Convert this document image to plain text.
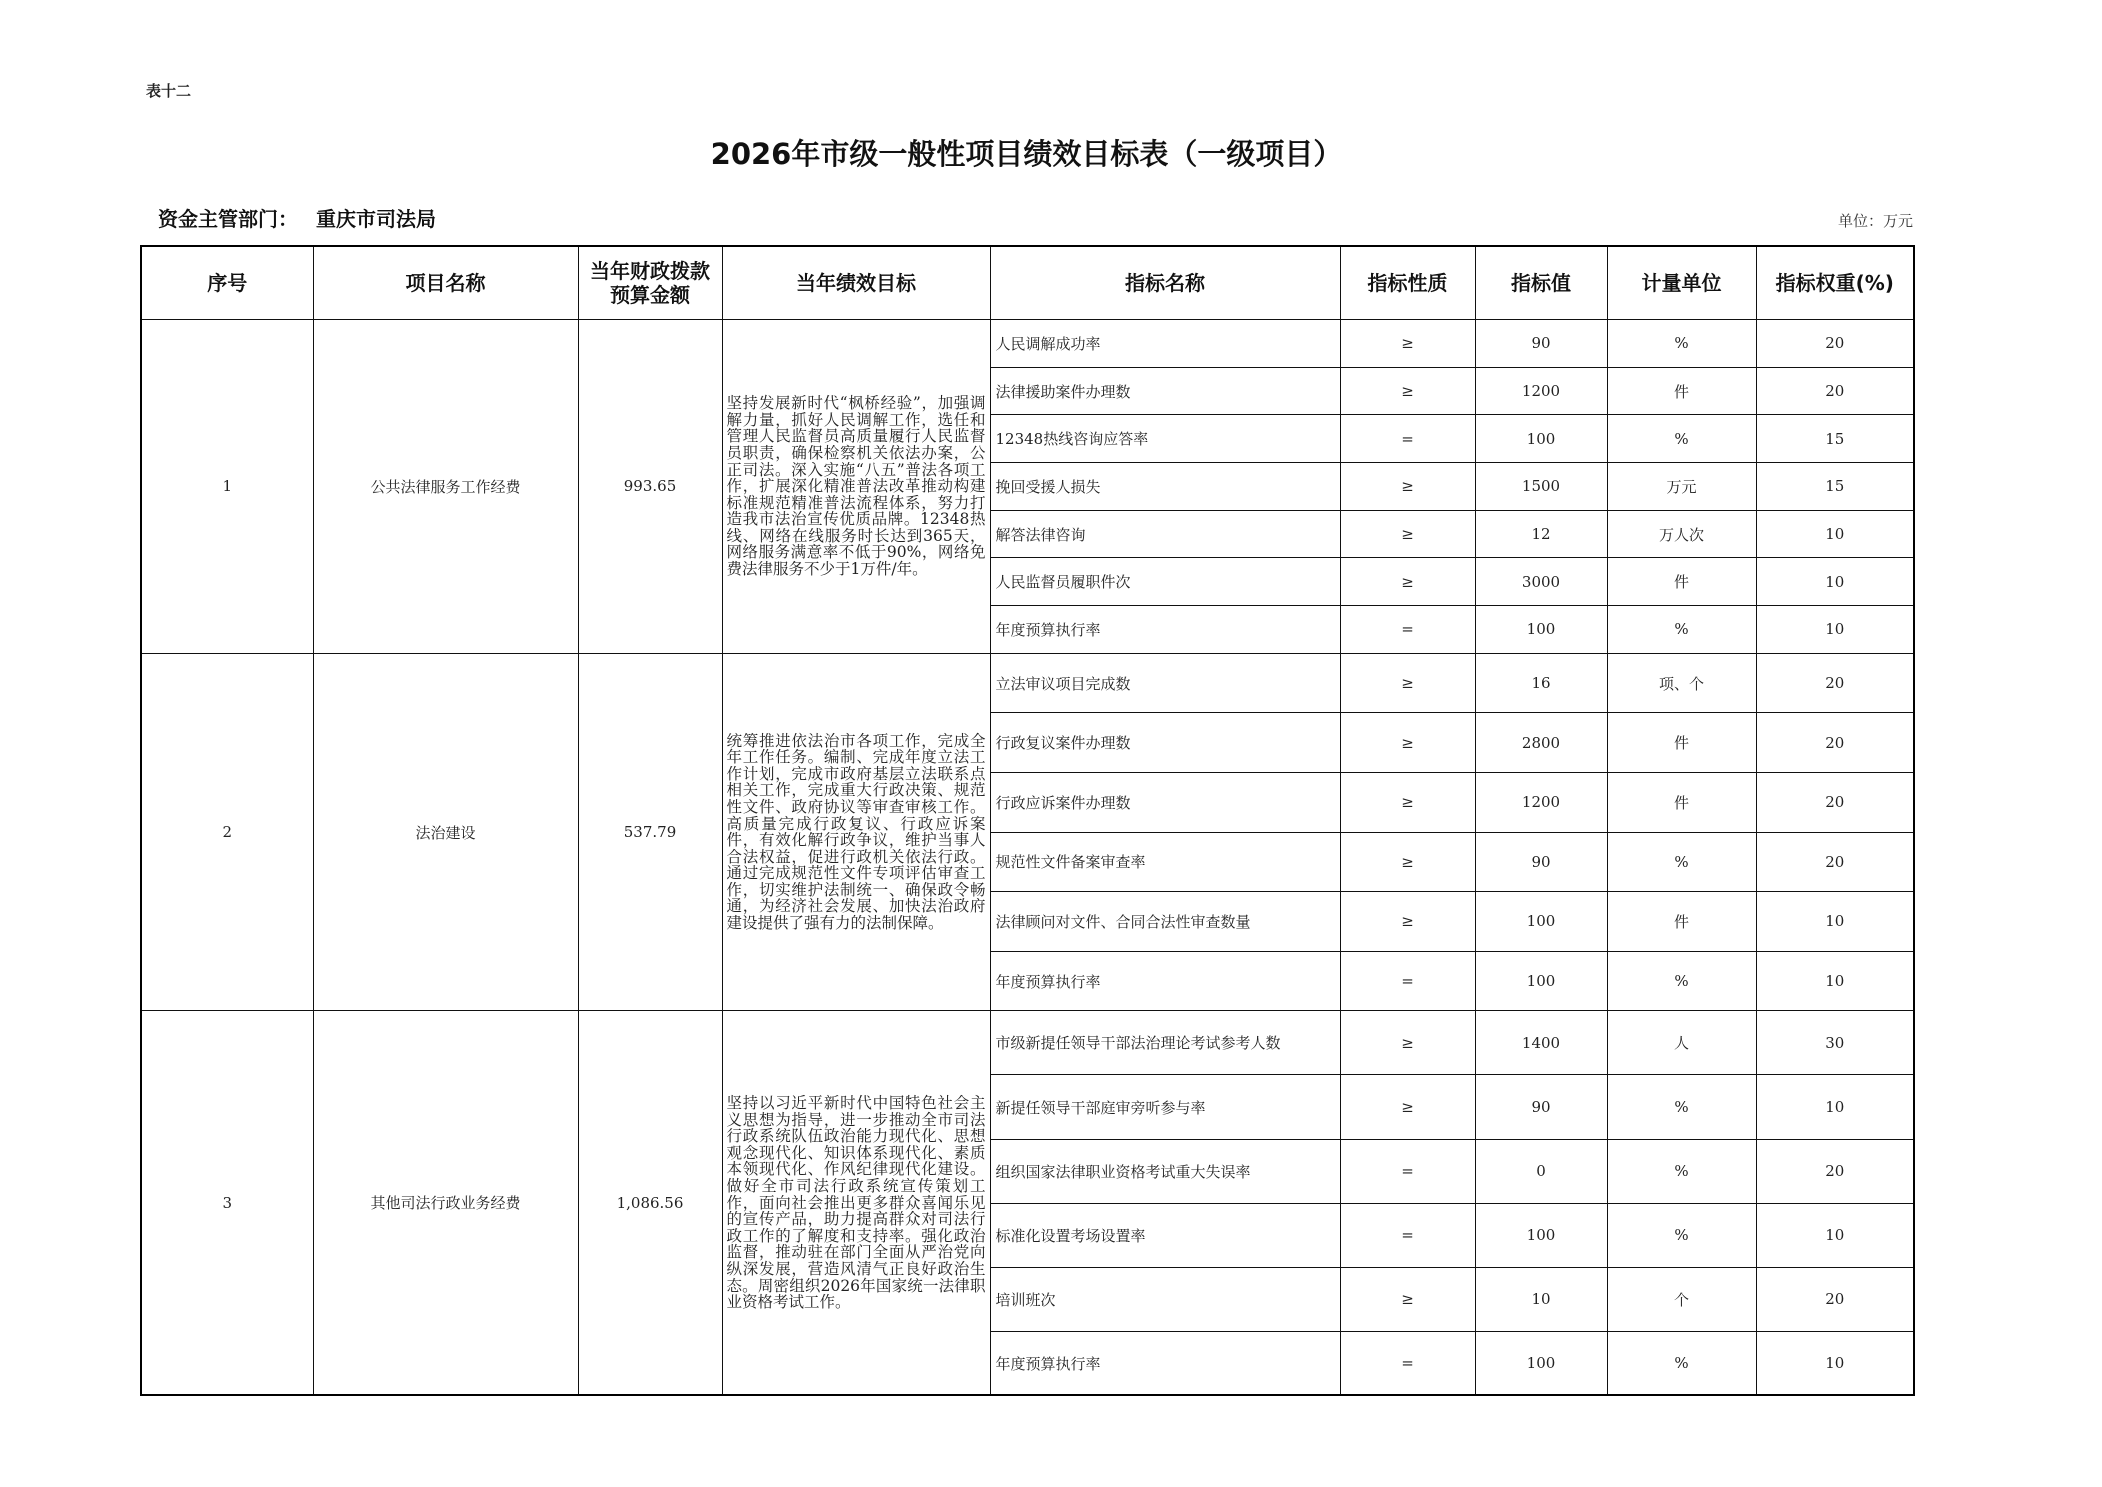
表十二
2026年市级一般性项目绩效目标表（一级项目）
资金主管部门： 重庆市司法局	单位：万元
序号	项目名称	当年财政拨款预算金额	当年绩效目标	指标名称	指标性质	指标值	计量单位	指标权重(%)
1	公共法律服务工作经费	993.65	坚持发展新时代“枫桥经验”，加强调解力量，抓好人民调解工作，选任和管理人民监督员高质量履行人民监督员职责，确保检察机关依法办案，公正司法。深入实施“八五”普法各项工作，扩展深化精准普法改革推动构建标准规范精准普法流程体系，努力打造我市法治宣传优质品牌。12348热线、网络在线服务时长达到365天，网络服务满意率不低于90%，网络免费法律服务不少于1万件/年。	人民调解成功率	≥	90	%	20
				法律援助案件办理数	≥	1200	件	20
				12348热线咨询应答率	=	100	%	15
				挽回受援人损失	≥	1500	万元	15
				解答法律咨询	≥	12	万人次	10
				人民监督员履职件次	≥	3000	件	10
				年度预算执行率	=	100	%	10
2	法治建设	537.79	统筹推进依法治市各项工作，完成全年工作任务。编制、完成年度立法工作计划，完成市政府基层立法联系点相关工作，完成重大行政决策、规范性文件、政府协议等审查审核工作。高质量完成行政复议、行政应诉案件，有效化解行政争议，维护当事人合法权益，促进行政机关依法行政。通过完成规范性文件专项评估审查工作，切实维护法制统一、确保政令畅通，为经济社会发展、加快法治政府建设提供了强有力的法制保障。	立法审议项目完成数	≥	16	项、个	20
				行政复议案件办理数	≥	2800	件	20
				行政应诉案件办理数	≥	1200	件	20
				规范性文件备案审查率	≥	90	%	20
				法律顾问对文件、合同合法性审查数量	≥	100	件	10
				年度预算执行率	=	100	%	10
3	其他司法行政业务经费	1,086.56	坚持以习近平新时代中国特色社会主义思想为指导，进一步推动全市司法行政系统队伍政治能力现代化、思想观念现代化、知识体系现代化、素质本领现代化、作风纪律现代化建设。做好全市司法行政系统宣传策划工作，面向社会推出更多群众喜闻乐见的宣传产品，助力提高群众对司法行政工作的了解度和支持率。强化政治监督，推动驻在部门全面从严治党向纵深发展，营造风清气正良好政治生态。周密组织2026年国家统一法律职业资格考试工作。	市级新提任领导干部法治理论考试参考人数	≥	1400	人	30
				新提任领导干部庭审旁听参与率	≥	90	%	10
				组织国家法律职业资格考试重大失误率	=	0	%	20
				标准化设置考场设置率	=	100	%	10
				培训班次	≥	10	个	20
				年度预算执行率	=	100	%	10
